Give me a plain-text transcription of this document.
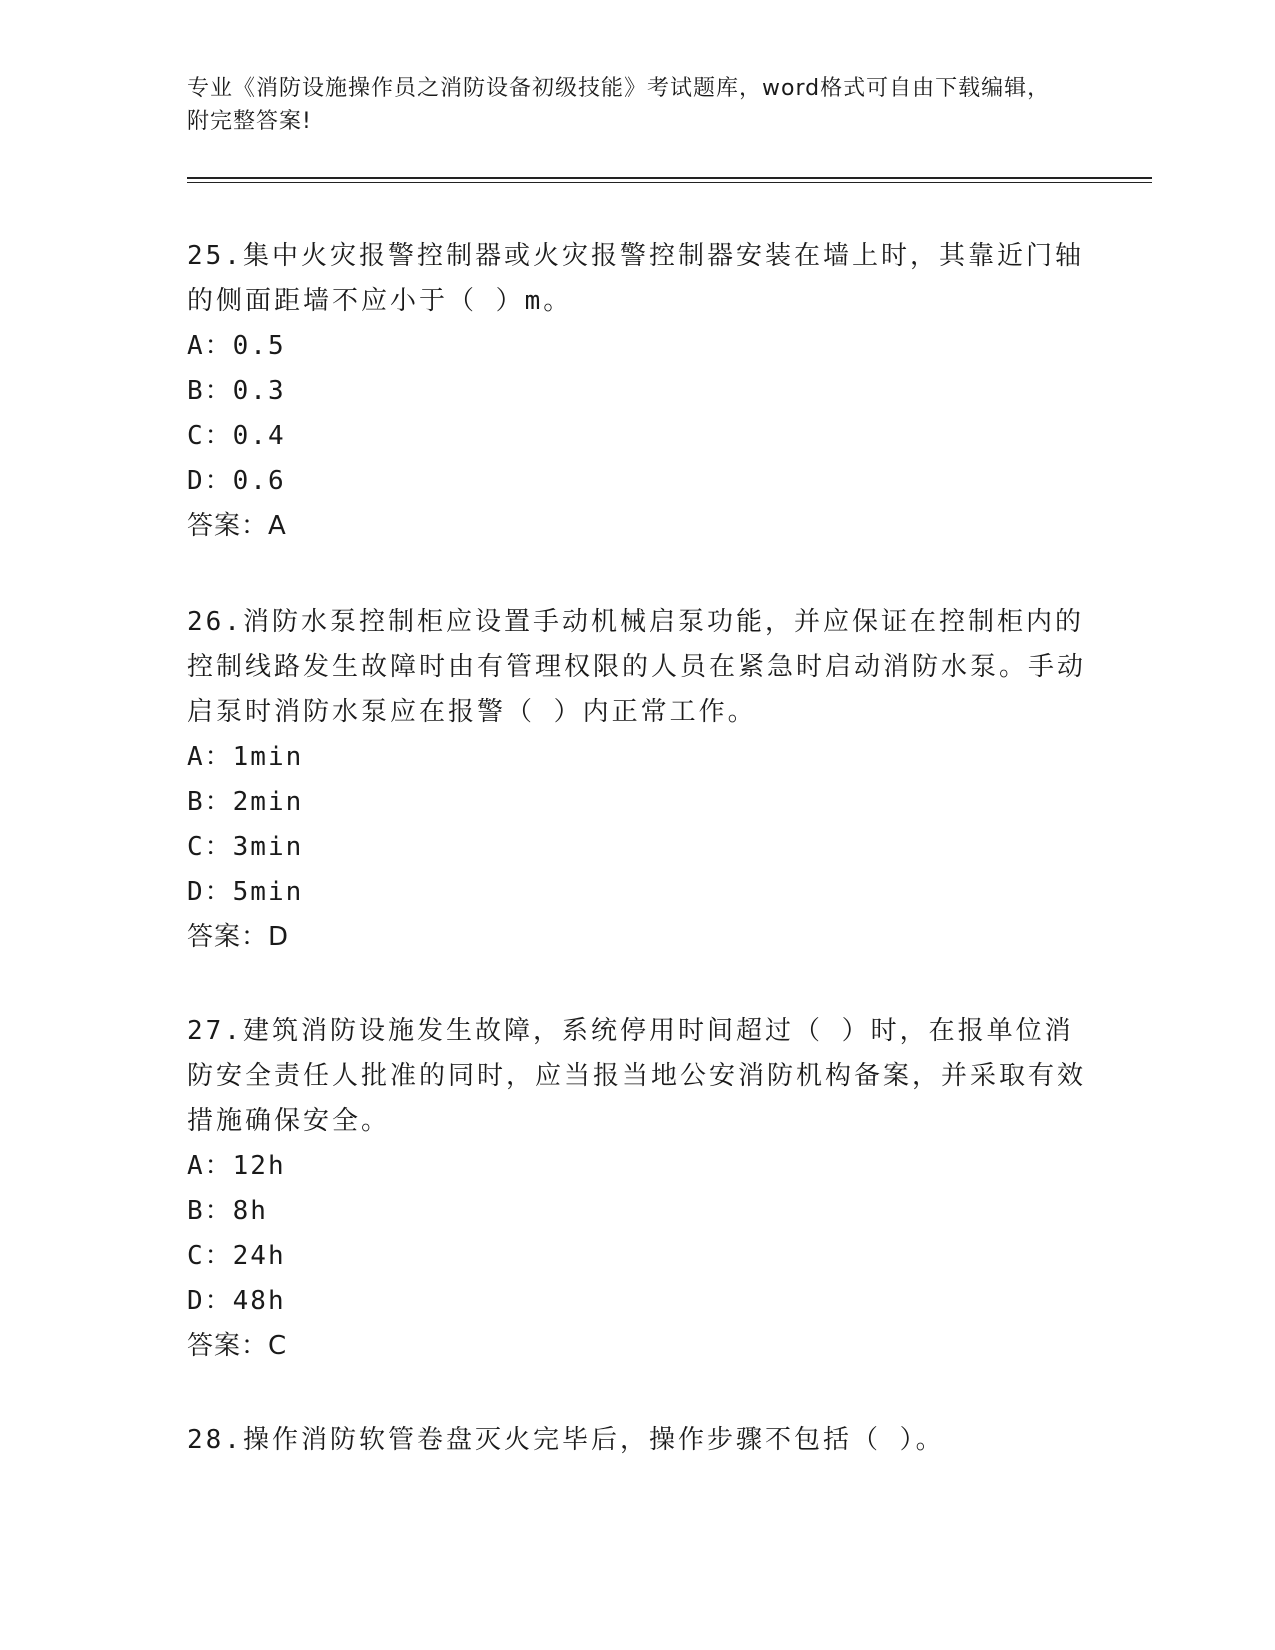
专业《消防设施操作员之消防设备初级技能》考试题库，word格式可自由下载编辑，附完整答案!

25.集中火灾报警控制器或火灾报警控制器安装在墙上时，其靠近门轴的侧面距墙不应小于（ ）m。

A：0.5

B：0.3

C：0.4

D：0.6

答案：A

26.消防水泵控制柜应设置手动机械启泵功能，并应保证在控制柜内的控制线路发生故障时由有管理权限的人员在紧急时启动消防水泵。手动启泵时消防水泵应在报警（ ）内正常工作。

A：1min

B：2min

C：3min

D：5min

答案：D

27.建筑消防设施发生故障，系统停用时间超过（ ）时，在报单位消防安全责任人批准的同时，应当报当地公安消防机构备案，并采取有效措施确保安全。

A：12h

B：8h

C：24h

D：48h

答案：C

28.操作消防软管卷盘灭火完毕后，操作步骤不包括（ ）。
